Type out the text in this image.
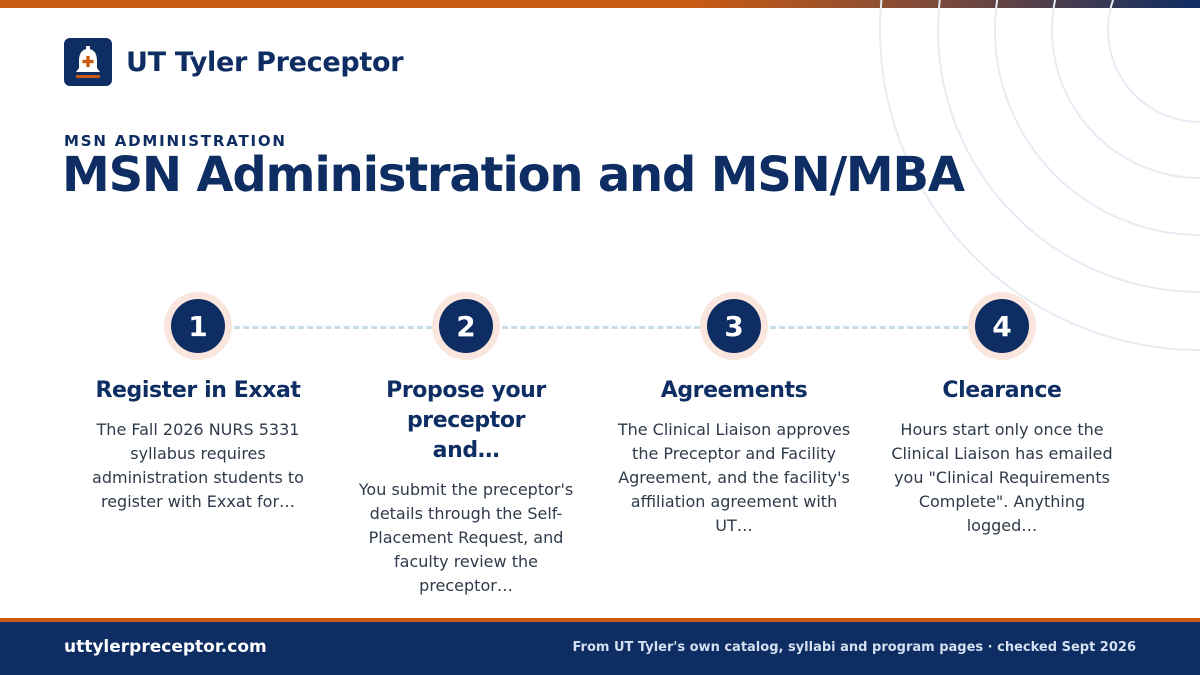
UT Tyler Preceptor
MSN ADMINISTRATION
MSN Administration and MSN/MBA
1	2	3	4
Register in Exxat
The Fall 2026 NURS 5331 syllabus requires administration students to register with Exxat for…
Propose your preceptor and…
You submit the preceptor's details through the Self-Placement Request, and faculty review the preceptor…
Agreements
The Clinical Liaison approves the Preceptor and Facility Agreement, and the facility's affiliation agreement with UT…
Clearance
Hours start only once the Clinical Liaison has emailed you "Clinical Requirements Complete". Anything logged…
uttylerpreceptor.com	From UT Tyler's own catalog, syllabi and program pages · checked Sept 2026
